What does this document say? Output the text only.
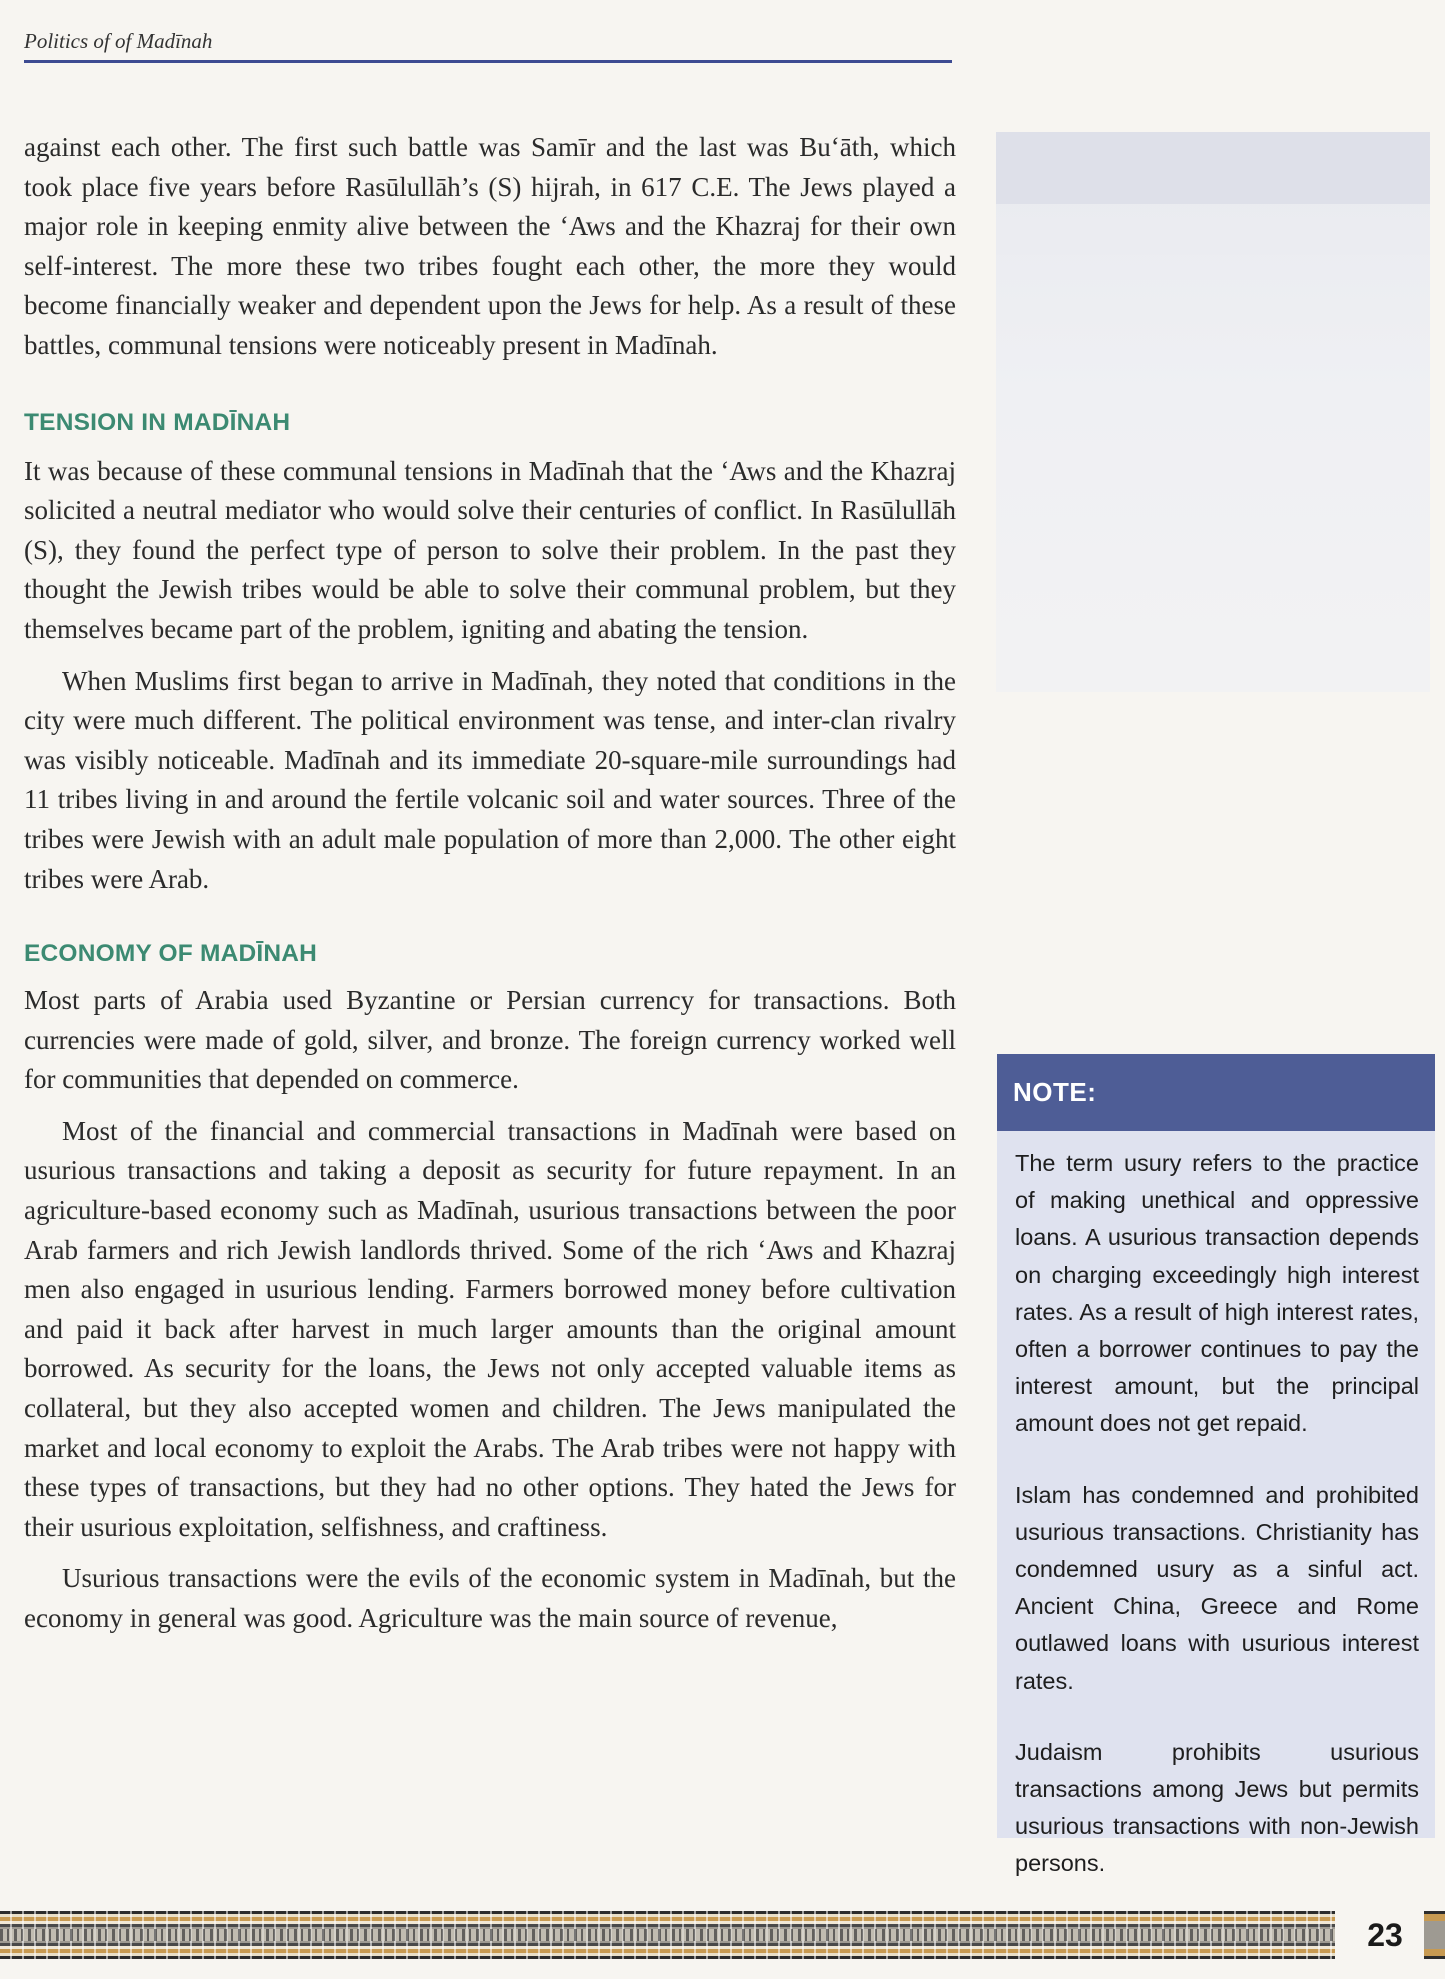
Politics of of Madīnah

against each other. The first such battle was Samīr and the last was Bu‘āth, which took place five years before Rasūlullāh’s (S) hijrah, in 617 C.E. The Jews played a major role in keeping enmity alive between the ‘Aws and the Khazraj for their own self-interest. The more these two tribes fought each other, the more they would become financially weaker and dependent upon the Jews for help. As a result of these battles, communal tensions were noticeably present in Madīnah.

TENSION IN MADĪNAH

It was because of these communal tensions in Madīnah that the ‘Aws and the Khazraj solicited a neutral mediator who would solve their centuries of conflict. In Rasūlullāh (S), they found the perfect type of person to solve their problem. In the past they thought the Jewish tribes would be able to solve their communal problem, but they themselves became part of the problem, igniting and abating the tension.

When Muslims first began to arrive in Madīnah, they noted that conditions in the city were much different. The political environment was tense, and inter-clan rivalry was visibly noticeable. Madīnah and its immediate 20-square-mile surroundings had 11 tribes living in and around the fertile volcanic soil and water sources. Three of the tribes were Jewish with an adult male population of more than 2,000. The other eight tribes were Arab.

ECONOMY OF MADĪNAH

Most parts of Arabia used Byzantine or Persian currency for transactions. Both currencies were made of gold, silver, and bronze. The foreign currency worked well for communities that depended on commerce.

Most of the financial and commercial transactions in Madīnah were based on usurious transactions and taking a deposit as security for future repayment. In an agriculture-based economy such as Madīnah, usurious transactions between the poor Arab farmers and rich Jewish landlords thrived. Some of the rich ‘Aws and Khazraj men also engaged in usurious lending. Farmers borrowed money before cultivation and paid it back after harvest in much larger amounts than the original amount borrowed. As security for the loans, the Jews not only accepted valuable items as collateral, but they also accepted women and children. The Jews manipulated the market and local economy to exploit the Arabs. The Arab tribes were not happy with these types of transactions, but they had no other options. They hated the Jews for their usurious exploitation, selfishness, and craftiness.

Usurious transactions were the evils of the economic system in Madīnah, but the economy in general was good. Agriculture was the main source of revenue,

NOTE:

The term usury refers to the practice of making unethical and oppressive loans. A usurious transaction depends on charging exceedingly high interest rates. As a result of high interest rates, often a borrower continues to pay the interest amount, but the principal amount does not get repaid.

Islam has condemned and prohibited usurious transactions. Christianity has condemned usury as a sinful act. Ancient China, Greece and Rome outlawed loans with usurious interest rates.

Judaism prohibits usurious transactions among Jews but permits usurious transactions with non-Jewish persons.

23
